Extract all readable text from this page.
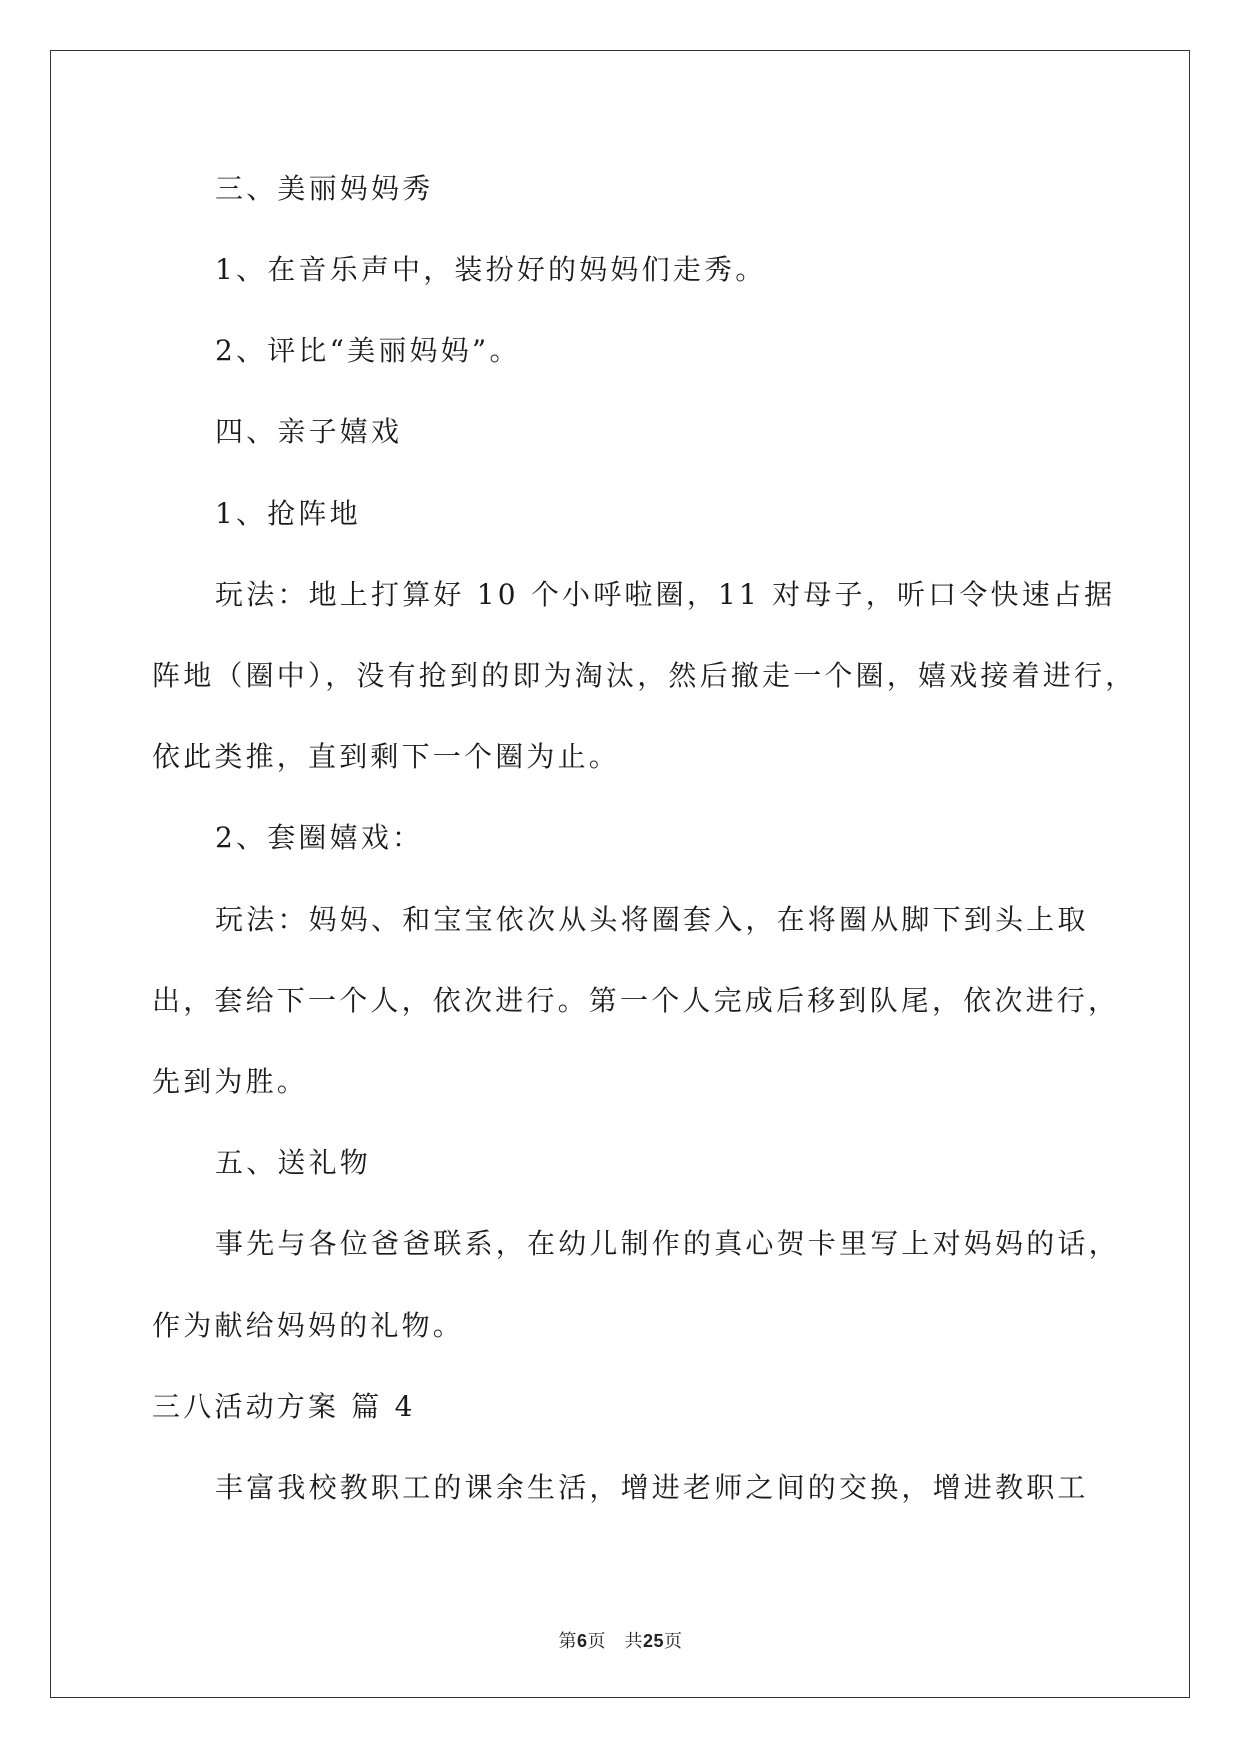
三、美丽妈妈秀
1、在音乐声中，装扮好的妈妈们走秀。
2、评比“美丽妈妈”。
四、亲子嬉戏
1、抢阵地
玩法：地上打算好 10 个小呼啦圈，11 对母子，听口令快速占据
阵地（圈中），没有抢到的即为淘汰，然后撤走一个圈，嬉戏接着进行，
依此类推，直到剩下一个圈为止。
2、套圈嬉戏：
玩法：妈妈、和宝宝依次从头将圈套入，在将圈从脚下到头上取
出，套给下一个人，依次进行。第一个人完成后移到队尾，依次进行，
先到为胜。
五、送礼物
事先与各位爸爸联系，在幼儿制作的真心贺卡里写上对妈妈的话，
作为献给妈妈的礼物。
三八活动方案 篇 4
丰富我校教职工的课余生活，增进老师之间的交换，增进教职工
第6页　共25页
